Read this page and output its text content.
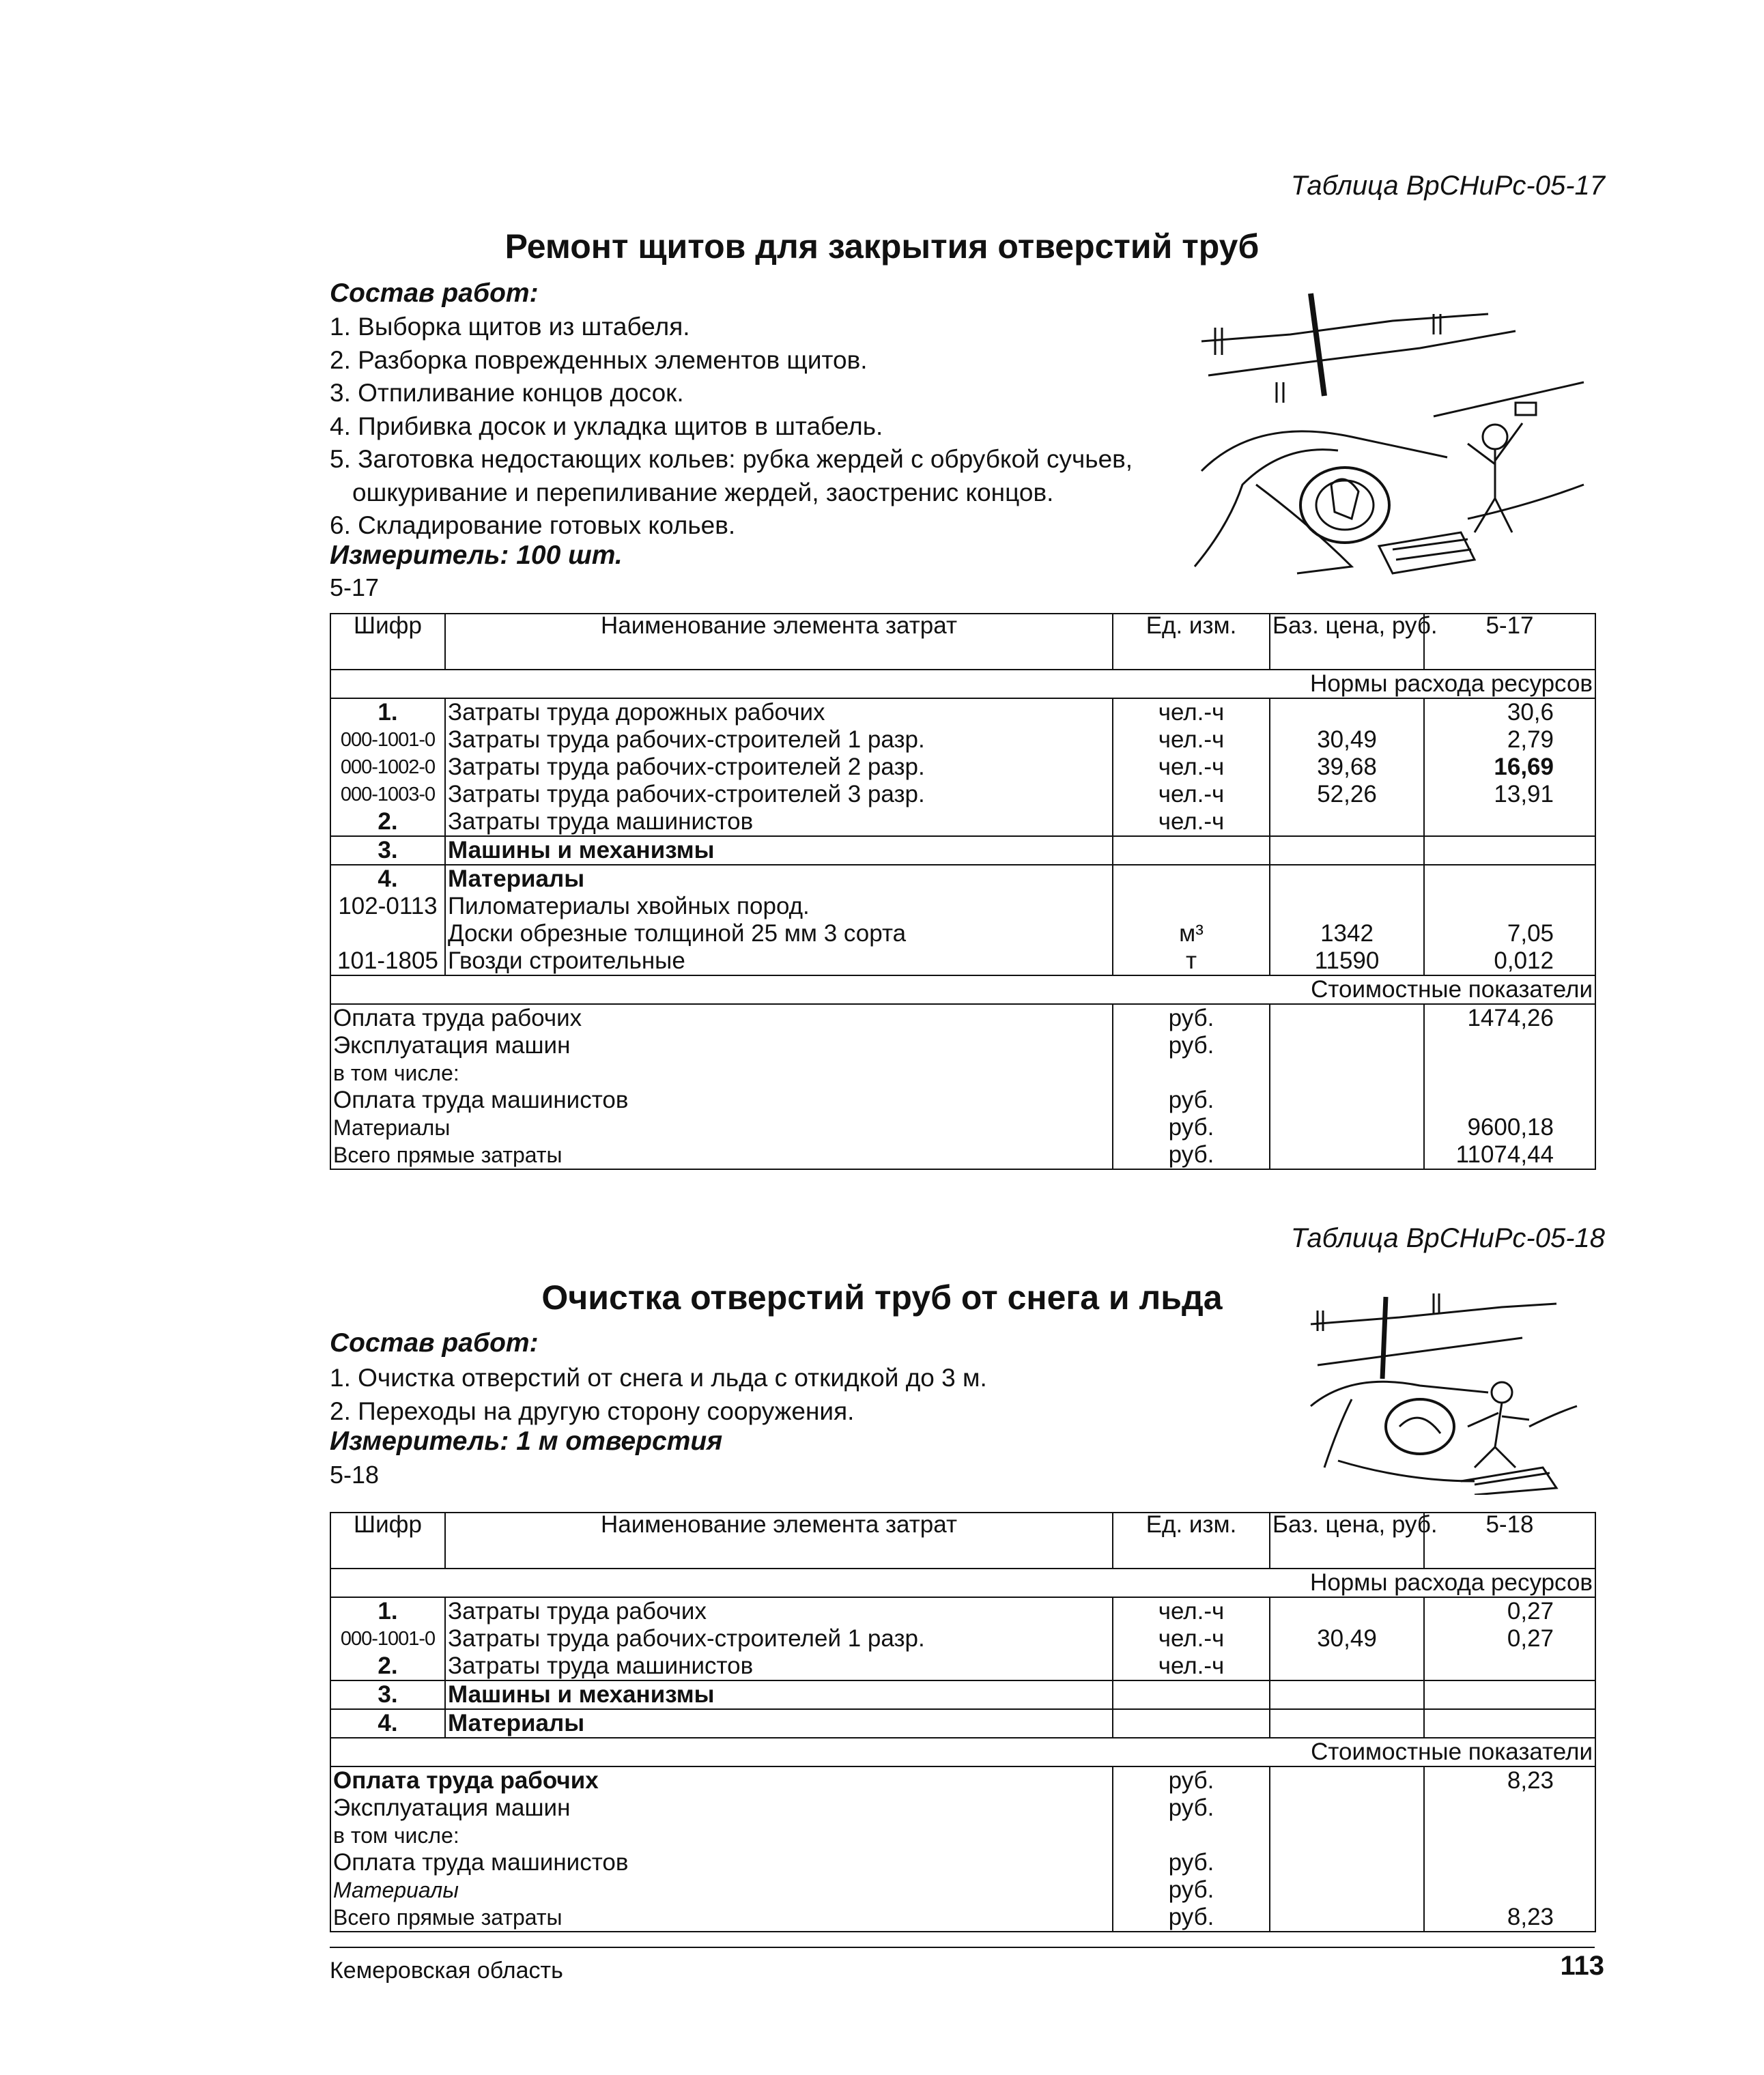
Таблица ВрСНиРс-05-17
Ремонт щитов для закрытия отверстий труб
Состав работ:
1. Выборка щитов из штабеля.
2. Разборка поврежденных элементов щитов.
3. Отпиливание концов досок.
4. Прибивка досок и укладка щитов в штабель.
5. Заготовка недостающих кольев: рубка жердей с обрубкой сучьев,
ошкуривание и перепиливание жердей, заостренис концов.
6. Складирование готовых кольев.
Измеритель: 100 шт.
5-17
Шифр	Наименование элемента затрат	Ед. изм.	Баз. цена, руб.	5-17
Нормы расхода ресурсов				
1.	Затраты труда дорожных рабочих	чел.-ч		30,6
000-1001-0	Затраты труда рабочих-строителей 1 разр.	чел.-ч	30,49	2,79
000-1002-0	Затраты труда рабочих-строителей 2 разр.	чел.-ч	39,68	16,69
000-1003-0	Затраты труда рабочих-строителей 3 разр.	чел.-ч	52,26	13,91
2.	Затраты труда машинистов	чел.-ч		
3.	Машины и механизмы			
4.	Материалы			
102-0113	Пиломатериалы хвойных пород.			
	Доски обрезные толщиной 25 мм 3 сорта	м³	1342	7,05
101-1805	Гвозди строительные	т	11590	0,012
Стоимостные показатели				
Оплата труда рабочих		руб.		1474,26
Эксплуатация машин		руб.		
в том числе:				
Оплата труда машинистов		руб.		
Материалы		руб.		9600,18
Всего прямые затраты		руб.		11074,44
Таблица ВрСНиРс-05-18
Очистка отверстий труб от снега и льда
Состав работ:
1. Очистка отверстий от снега и льда с откидкой до 3 м.
2. Переходы на другую сторону сооружения.
Измеритель: 1 м отверстия
5-18
Шифр	Наименование элемента затрат	Ед. изм.	Баз. цена, руб.	5-18
Нормы расхода ресурсов				
1.	Затраты труда рабочих	чел.-ч		0,27
000-1001-0	Затраты труда рабочих-строителей 1 разр.	чел.-ч	30,49	0,27
2.	Затраты труда машинистов	чел.-ч		
3.	Машины и механизмы			
4.	Материалы			
Стоимостные показатели				
Оплата труда рабочих		руб.		8,23
Эксплуатация машин		руб.		
в том числе:				
Оплата труда машинистов		руб.		
Материалы		руб.		
Всего прямые затраты		руб.		8,23
Кемеровская область	113
